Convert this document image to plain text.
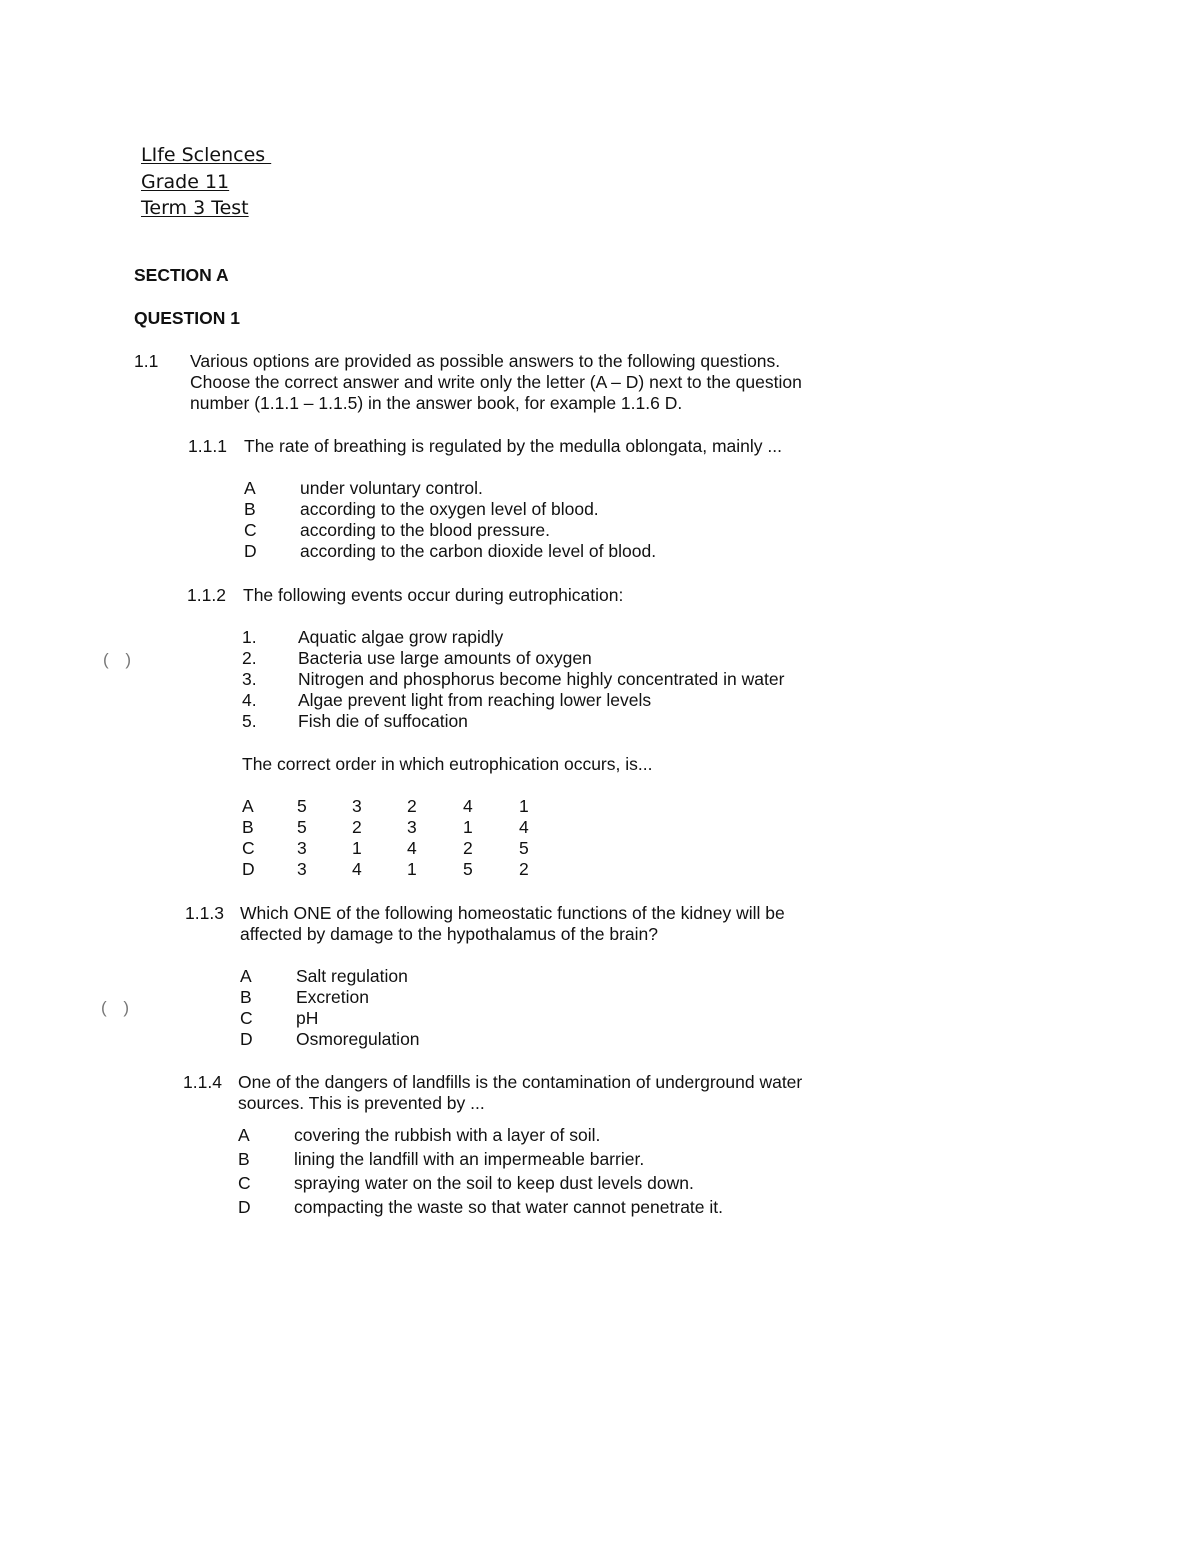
LIfe Sclences
Grade 11
Term 3 Test
SECTION A
QUESTION 1
1.1 Various options are provided as possible answers to the following questions.
Choose the correct answer and write only the letter (A – D) next to the question
number (1.1.1 – 1.1.5) in the answer book, for example 1.1.6 D.
1.1.1 The rate of breathing is regulated by the medulla oblongata, mainly ...
A	under voluntary control.
B	according to the oxygen level of blood.
C according to the blood pressure.
D according to the carbon dioxide level of blood.
1.1.2 The following events occur during eutrophication:
1. Aquatic algae grow rapidly
2. Bacteria use large amounts of oxygen
3. Nitrogen and phosphorus become highly concentrated in water
4. Algae prevent light from reaching lower levels
5. Fish die of suffocation
The correct order in which eutrophication occurs, is...
A 5	3	2	4	1
B 5	2	3	1	4
C 3	1	4	2	5
D 3	4	1	5	2
1.1.3 Which ONE of the following homeostatic functions of the kidney will be
affected by damage to the hypothalamus of the brain?
A	Salt regulation
B	Excretion
C pH
D Osmoregulation
1.1.4 One of the dangers of landfills is the contamination of underground water
sources. This is prevented by ...
A	covering the rubbish with a layer of soil.
B	lining the landfill with an impermeable barrier.
C spraying water on the soil to keep dust levels down.
D compacting the waste so that water cannot penetrate it.
( )
( )
